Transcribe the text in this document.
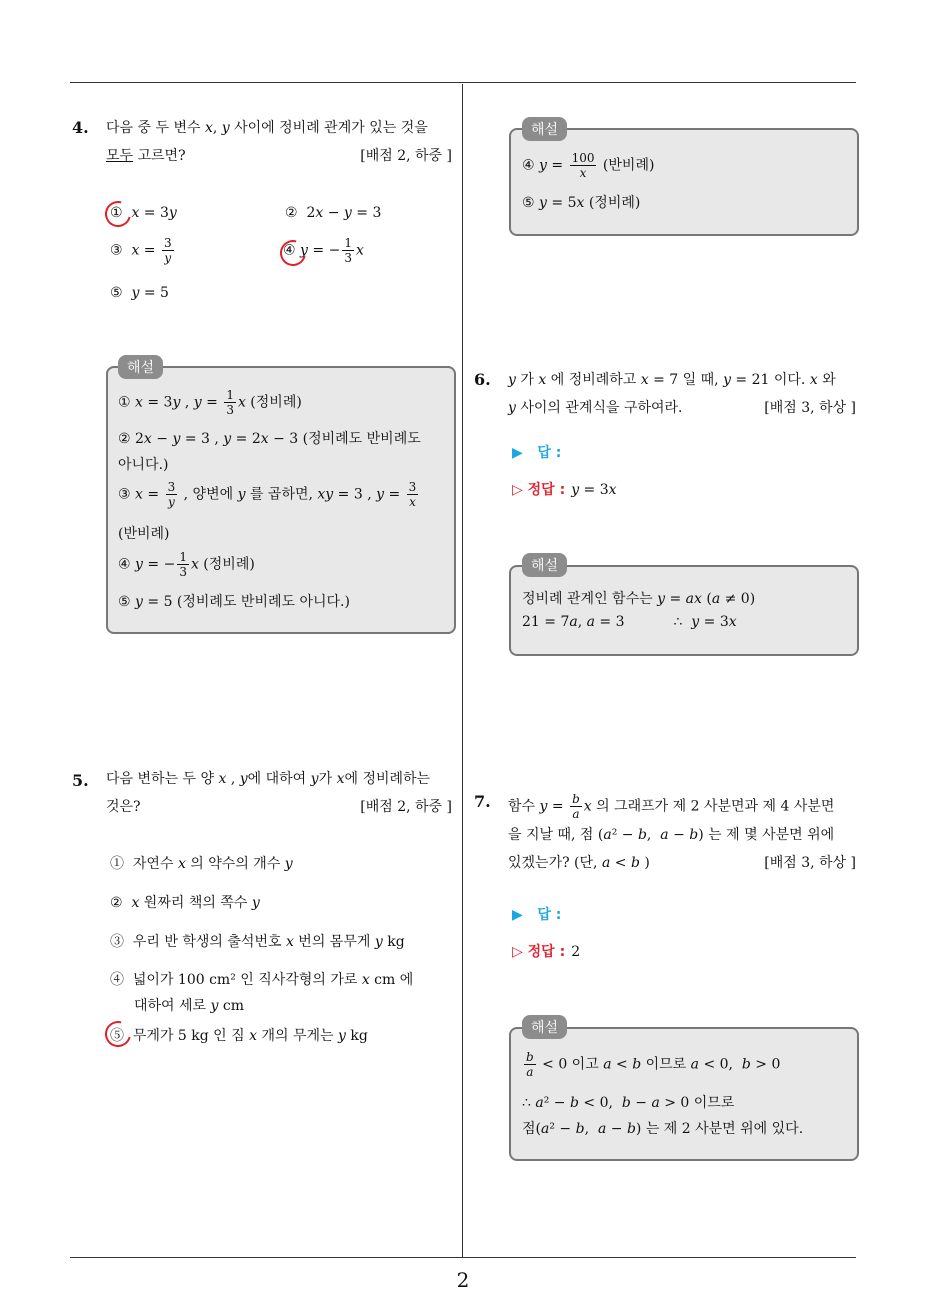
2
4. 다음 중 두 변수 x, y 사이에 정비례 관계가 있는 것을
모두 고르면?	[배점 2, 하중 ]
①  x = 3y	②  2x − y = 3
③  $x = \frac{3}{y}$	④ y = − $\frac{1}{3}$ x
⑤  y = 5
해설
① x = 3y , $y = \frac{1}{3}$ x (정비례)
② 2x − y = 3 , y = 2x − 3 (정비례도 반비례도
아니다.)
③ $x = \frac{3}{y}$ , 양변에 y 를 곱하면, xy = 3 , $y = \frac{3}{x}$
(반비례)
④ y = − $\frac{1}{3}$ x (정비례)
⑤ y = 5 (정비례도 반비례도 아니다.)
5. 다음 변하는 두 양 x , y에 대하여 y가 x에 정비례하는
것은?	[배점 2, 하중 ]
①  자연수 x 의 약수의 개수 y
②  x 원짜리 책의 쪽수 y
③  우리 반 학생의 출석번호 x 번의 몸무게 y kg
④  넓이가 100 cm² 인 직사각형의 가로 x cm 에
대하여 세로 y cm
⑤  무게가 5 kg 인 짐 x 개의 무게는 y kg
해설
④ $y = \frac{100}{x}$ (반비례)
⑤ y = 5x (정비례)
6. y 가 x 에 정비례하고 x = 7 일 때, y = 21 이다. x 와
y 사이의 관계식을 구하여라.	[배점 3, 하상 ]
▶ 답 :
▷ 정답 : y = 3x
해설
정비례 관계인 함수는 y = ax (a ≠ 0)
21 = 7a, a = 3           ∴  y = 3x
7. 함수 $y = \frac{b}{a}$ x 의 그래프가 제 2 사분면과 제 4 사분면
을 지날 때, 점 (a² − b,  a − b) 는 제 몇 사분면 위에
있겠는가? (단, a < b )	[배점 3, 하상 ]
▶ 답 :
▷ 정답 : 2
해설
$\frac{b}{a} < 0$ 이고 a < b 이므로 a < 0,  b > 0
∴ a² − b < 0,  b − a > 0 이므로
점(a² − b,  a − b) 는 제 2 사분면 위에 있다.
